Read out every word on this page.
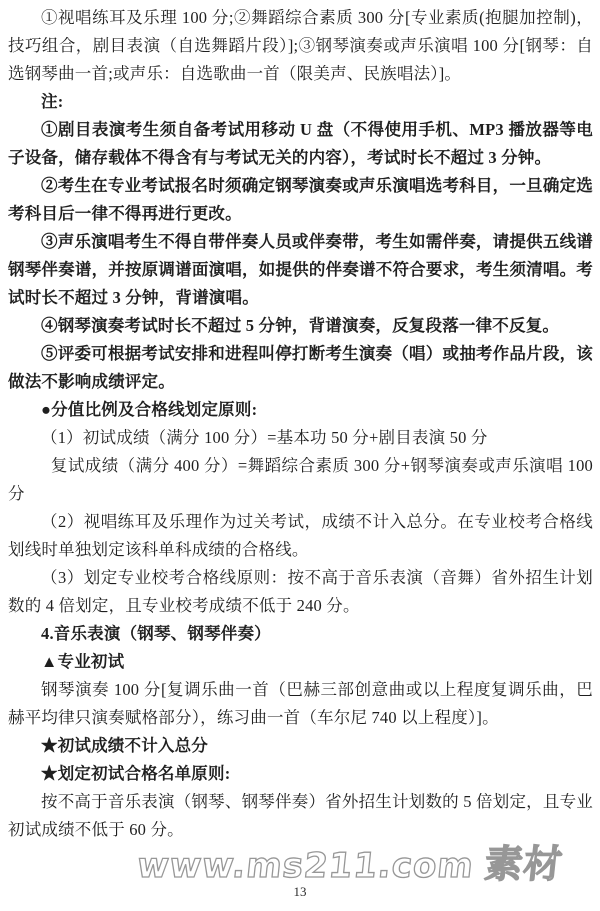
①视唱练耳及乐理 100 分;②舞蹈综合素质 300 分[专业素质(抱腿加控制)，技巧组合，剧目表演（自选舞蹈片段）];③钢琴演奏或声乐演唱 100 分[钢琴：自选钢琴曲一首;或声乐：自选歌曲一首（限美声、民族唱法）]。

注:

①剧目表演考生须自备考试用移动 U 盘（不得使用手机、MP3 播放器等电子设备，储存载体不得含有与考试无关的内容），考试时长不超过 3 分钟。

②考生在专业考试报名时须确定钢琴演奏或声乐演唱选考科目，一旦确定选考科目后一律不得再进行更改。

③声乐演唱考生不得自带伴奏人员或伴奏带，考生如需伴奏，请提供五线谱钢琴伴奏谱，并按原调谱面演唱，如提供的伴奏谱不符合要求，考生须清唱。考试时长不超过 3 分钟，背谱演唱。

④钢琴演奏考试时长不超过 5 分钟，背谱演奏，反复段落一律不反复。

⑤评委可根据考试安排和进程叫停打断考生演奏（唱）或抽考作品片段，该做法不影响成绩评定。

●分值比例及合格线划定原则:

（1）初试成绩（满分 100 分）=基本功 50 分+剧目表演 50 分

复试成绩（满分 400 分）=舞蹈综合素质 300 分+钢琴演奏或声乐演唱 100 分

（2）视唱练耳及乐理作为过关考试，成绩不计入总分。在专业校考合格线划线时单独划定该科单科成绩的合格线。

（3）划定专业校考合格线原则：按不高于音乐表演（音舞）省外招生计划数的 4 倍划定，且专业校考成绩不低于 240 分。

4.音乐表演（钢琴、钢琴伴奏）

▲专业初试

钢琴演奏 100 分[复调乐曲一首（巴赫三部创意曲或以上程度复调乐曲，巴赫平均律只演奏赋格部分），练习曲一首（车尔尼 740 以上程度）]。

★初试成绩不计入总分

★划定初试合格名单原则:

按不高于音乐表演（钢琴、钢琴伴奏）省外招生计划数的 5 倍划定，且专业初试成绩不低于 60 分。

www.ms211.com 素材
13
